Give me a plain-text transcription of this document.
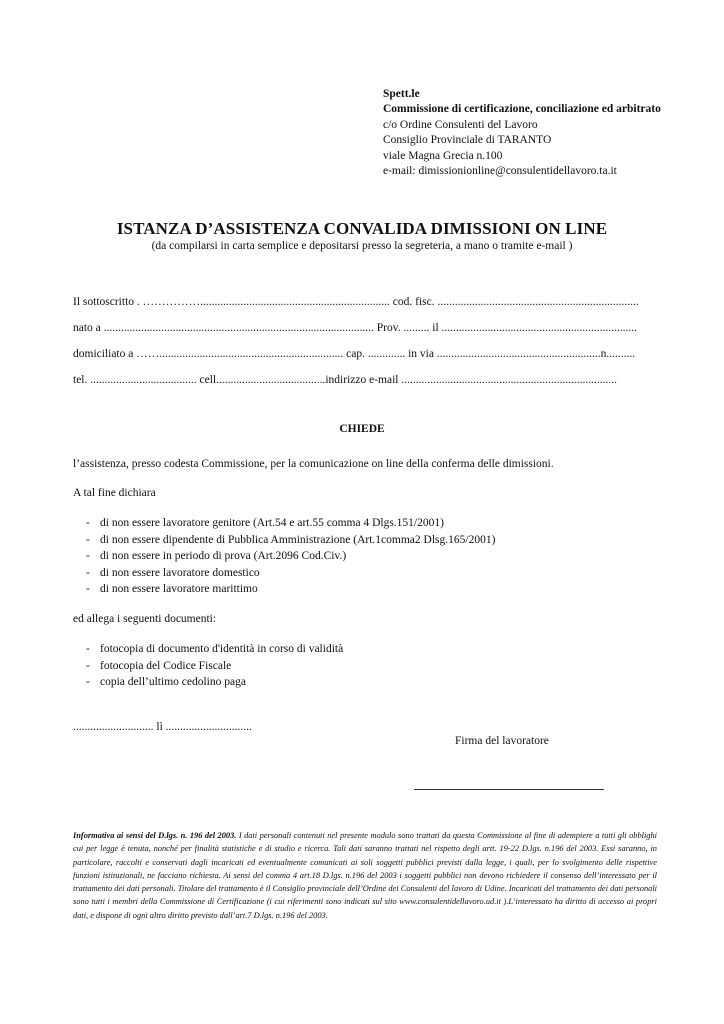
Spett.le
Commissione di certificazione, conciliazione ed arbitrato
c/o Ordine Consulenti del Lavoro
Consiglio Provinciale di TARANTO
viale Magna Grecia n.100
e-mail: dimissionionline@consulentidellavoro.ta.it
ISTANZA D’ASSISTENZA CONVALIDA DIMISSIONI ON LINE
(da compilarsi in carta semplice e depositarsi presso la segreteria, a mano o tramite e-mail )
Il sottoscritto . …………….................................................................. cod. fisc. ......................................................................
nato a .............................................................................................. Prov. ......... il ....................................................................
domiciliato a ……................................................................ cap. ............. in via .........................................................n..........
tel. ..................................... cell......................................indirizzo e-mail ...........................................................................
CHIEDE
l’assistenza, presso codesta Commissione, per la comunicazione on line della conferma delle dimissioni.
A tal fine dichiara
- di non essere lavoratore genitore (Art.54 e art.55 comma 4 Dlgs.151/2001)
- di non essere dipendente di Pubblica Amministrazione (Art.1comma2 Dlsg.165/2001)
- di non essere in periodo di prova (Art.2096 Cod.Civ.)
- di non essere lavoratore domestico
- di non essere lavoratore marittimo
ed allega i seguenti documenti:
- fotocopia di documento d'identità in corso di validità
- fotocopia del Codice Fiscale
- copia dell’ultimo cedolino paga
............................ lì ..............................
Firma del lavoratore
Informativa ai sensi del D.lgs. n. 196 del 2003. I dati personali contenuti nel presente modulo sono trattati da questa Commissione al fine di adempiere a tutti gli obblighi cui per legge è tenuta, nonché per finalità statistiche e di studio e ricerca. Tali dati saranno trattati nel rispetto degli artt. 19-22 D.lgs. n.196 del 2003. Essi saranno, in particolare, raccolti e conservati dagli incaricati ed eventualmente comunicati ai soli soggetti pubblici previsti dalla legge, i quali, per lo svolgimento delle rispettive funzioni istituzionali, ne facciano richiesta. Ai sensi del comma 4 art.18 D.lgs. n.196 del 2003 i soggetti pubblici non devono richiedere il consenso dell’interessato per il trattamento dei dati personali. Titolare del trattamento è il Consiglio provinciale dell’Ordine dei Consulenti del lavoro di Udine. Incaricati del trattamento dei dati personali sono tutti i membri della Commissione di Certificazione (i cui riferimenti sono indicati sul sito www.consulentidellavoro.ud.it ).L’interessato ha diritto di accesso ai propri dati, e dispone di ogni altro diritto previsto dall’art.7 D.lgs. n.196 del 2003.
